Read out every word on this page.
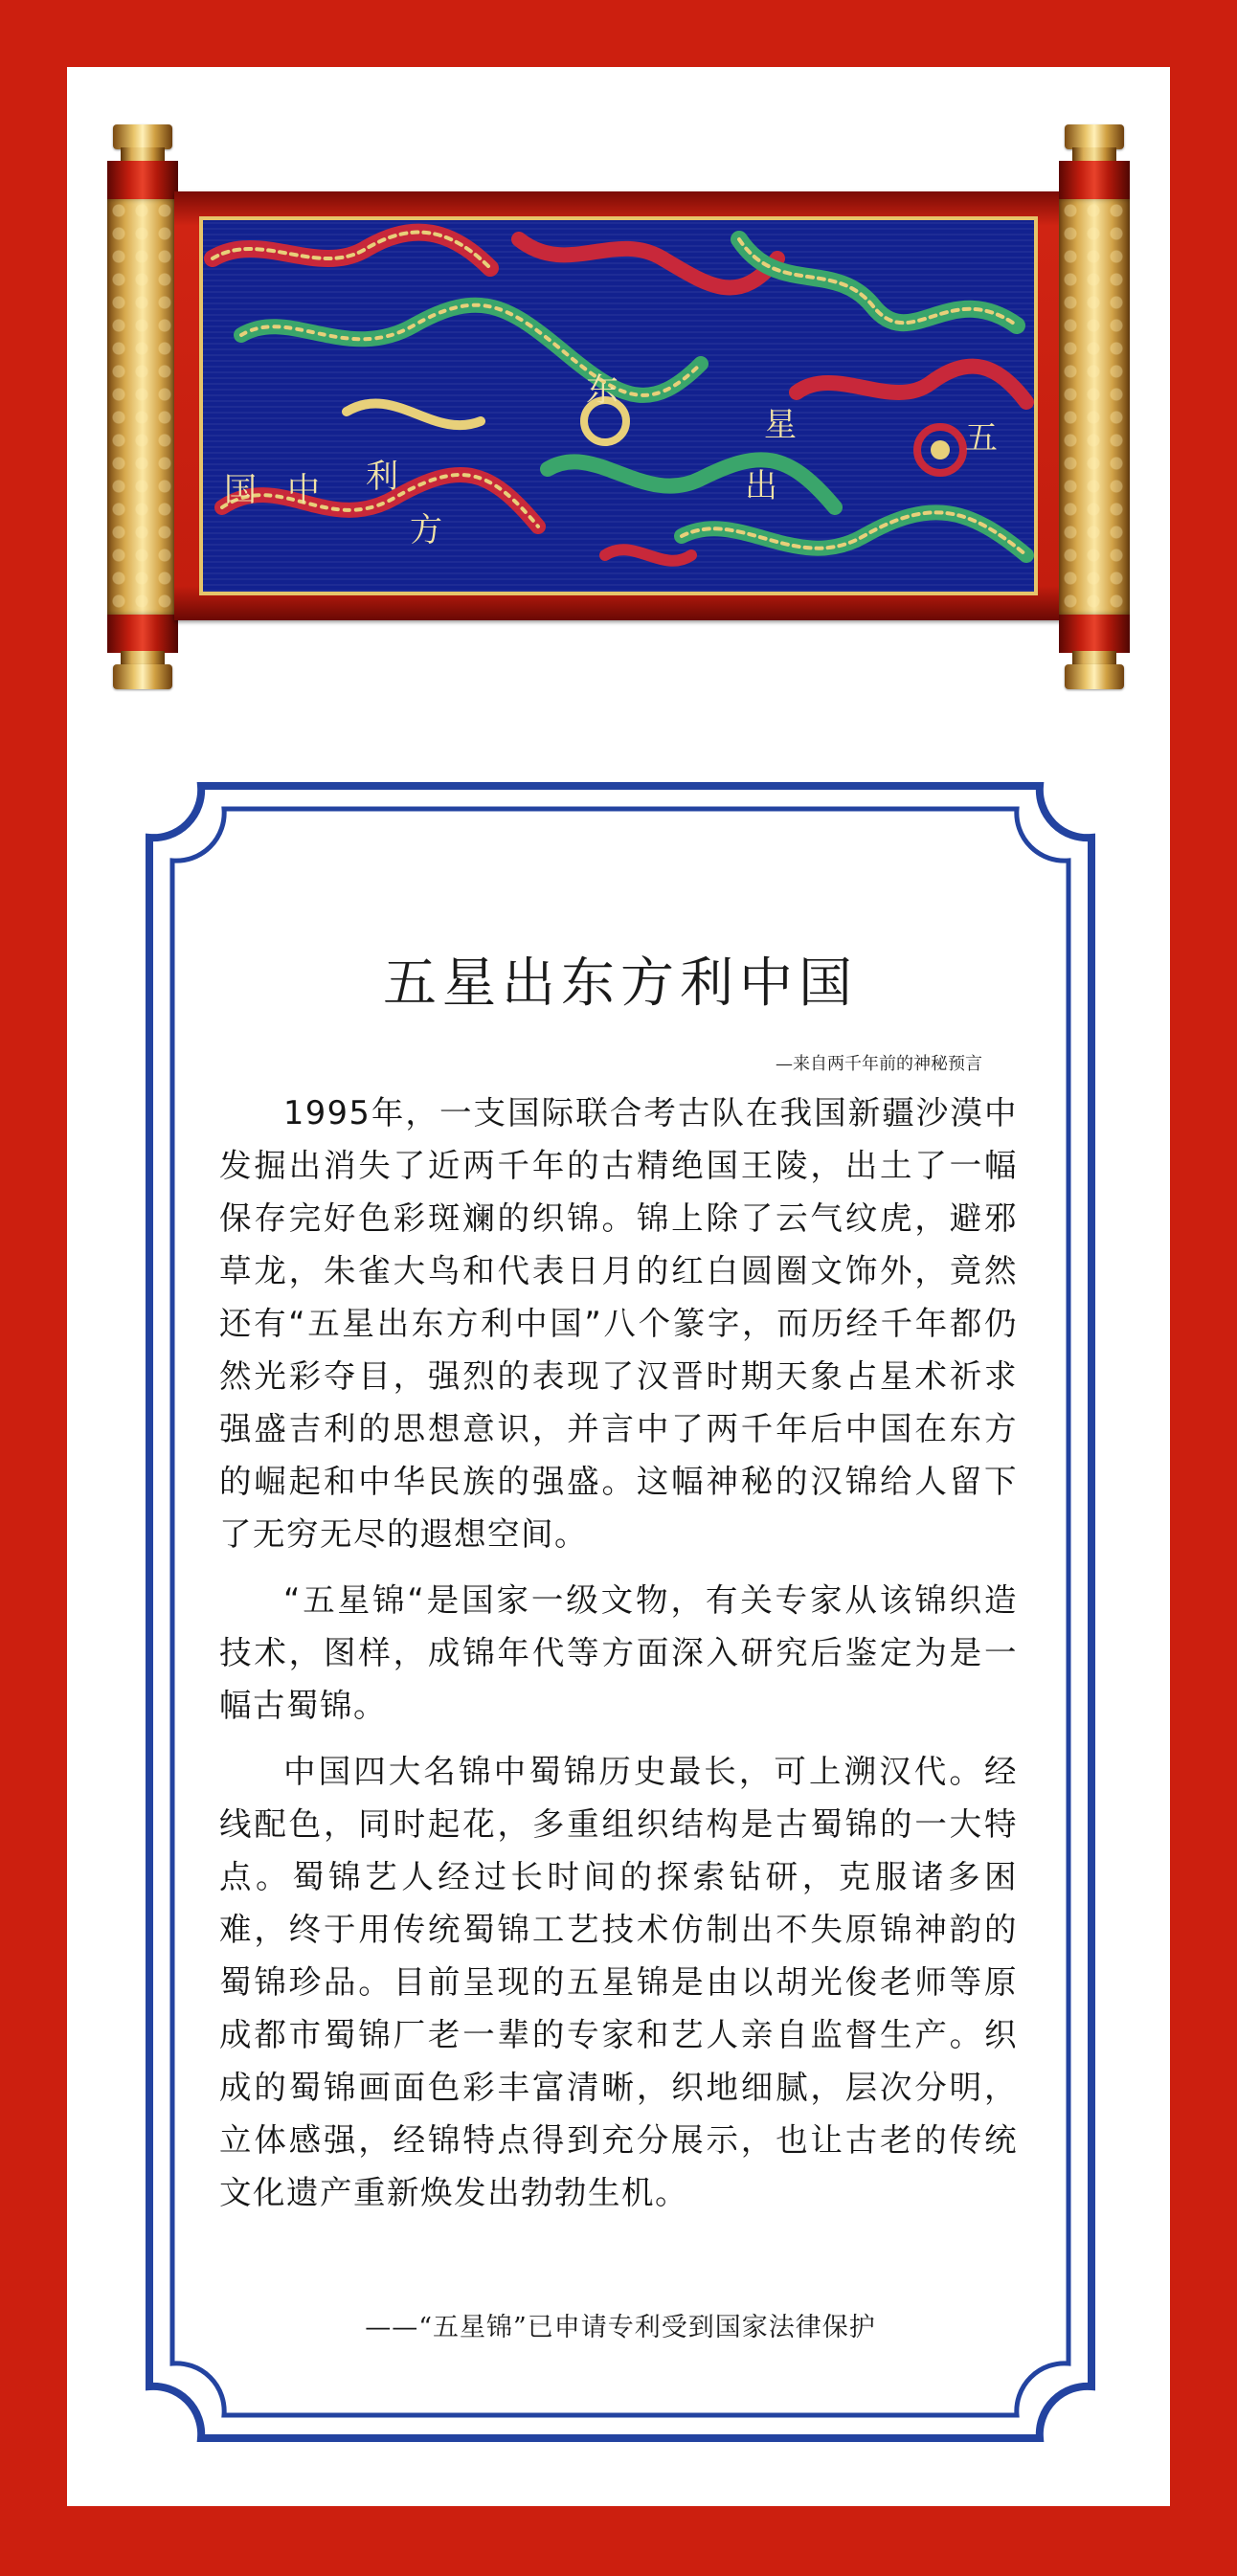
五
星
出
东
方
利
中
国
五星出东方利中国
—来自两千年前的神秘预言

1995年，一支国际联合考古队在我国新疆沙漠中发掘出消失了近两千年的古精绝国王陵，出土了一幅保存完好色彩斑斓的织锦。锦上除了云气纹虎，避邪草龙，朱雀大鸟和代表日月的红白圆圈文饰外，竟然还有“五星出东方利中国”八个篆字，而历经千年都仍然光彩夺目，强烈的表现了汉晋时期天象占星术祈求强盛吉利的思想意识，并言中了两千年后中国在东方的崛起和中华民族的强盛。这幅神秘的汉锦给人留下了无穷无尽的遐想空间。

“五星锦“是国家一级文物，有关专家从该锦织造技术，图样，成锦年代等方面深入研究后鉴定为是一幅古蜀锦。

中国四大名锦中蜀锦历史最长，可上溯汉代。经线配色，同时起花，多重组织结构是古蜀锦的一大特点。蜀锦艺人经过长时间的探索钻研，克服诸多困难，终于用传统蜀锦工艺技术仿制出不失原锦神韵的蜀锦珍品。目前呈现的五星锦是由以胡光俊老师等原成都市蜀锦厂老一辈的专家和艺人亲自监督生产。织成的蜀锦画面色彩丰富清晰，织地细腻，层次分明，立体感强，经锦特点得到充分展示，也让古老的传统文化遗产重新焕发出勃勃生机。

——“五星锦”已申请专利受到国家法律保护
